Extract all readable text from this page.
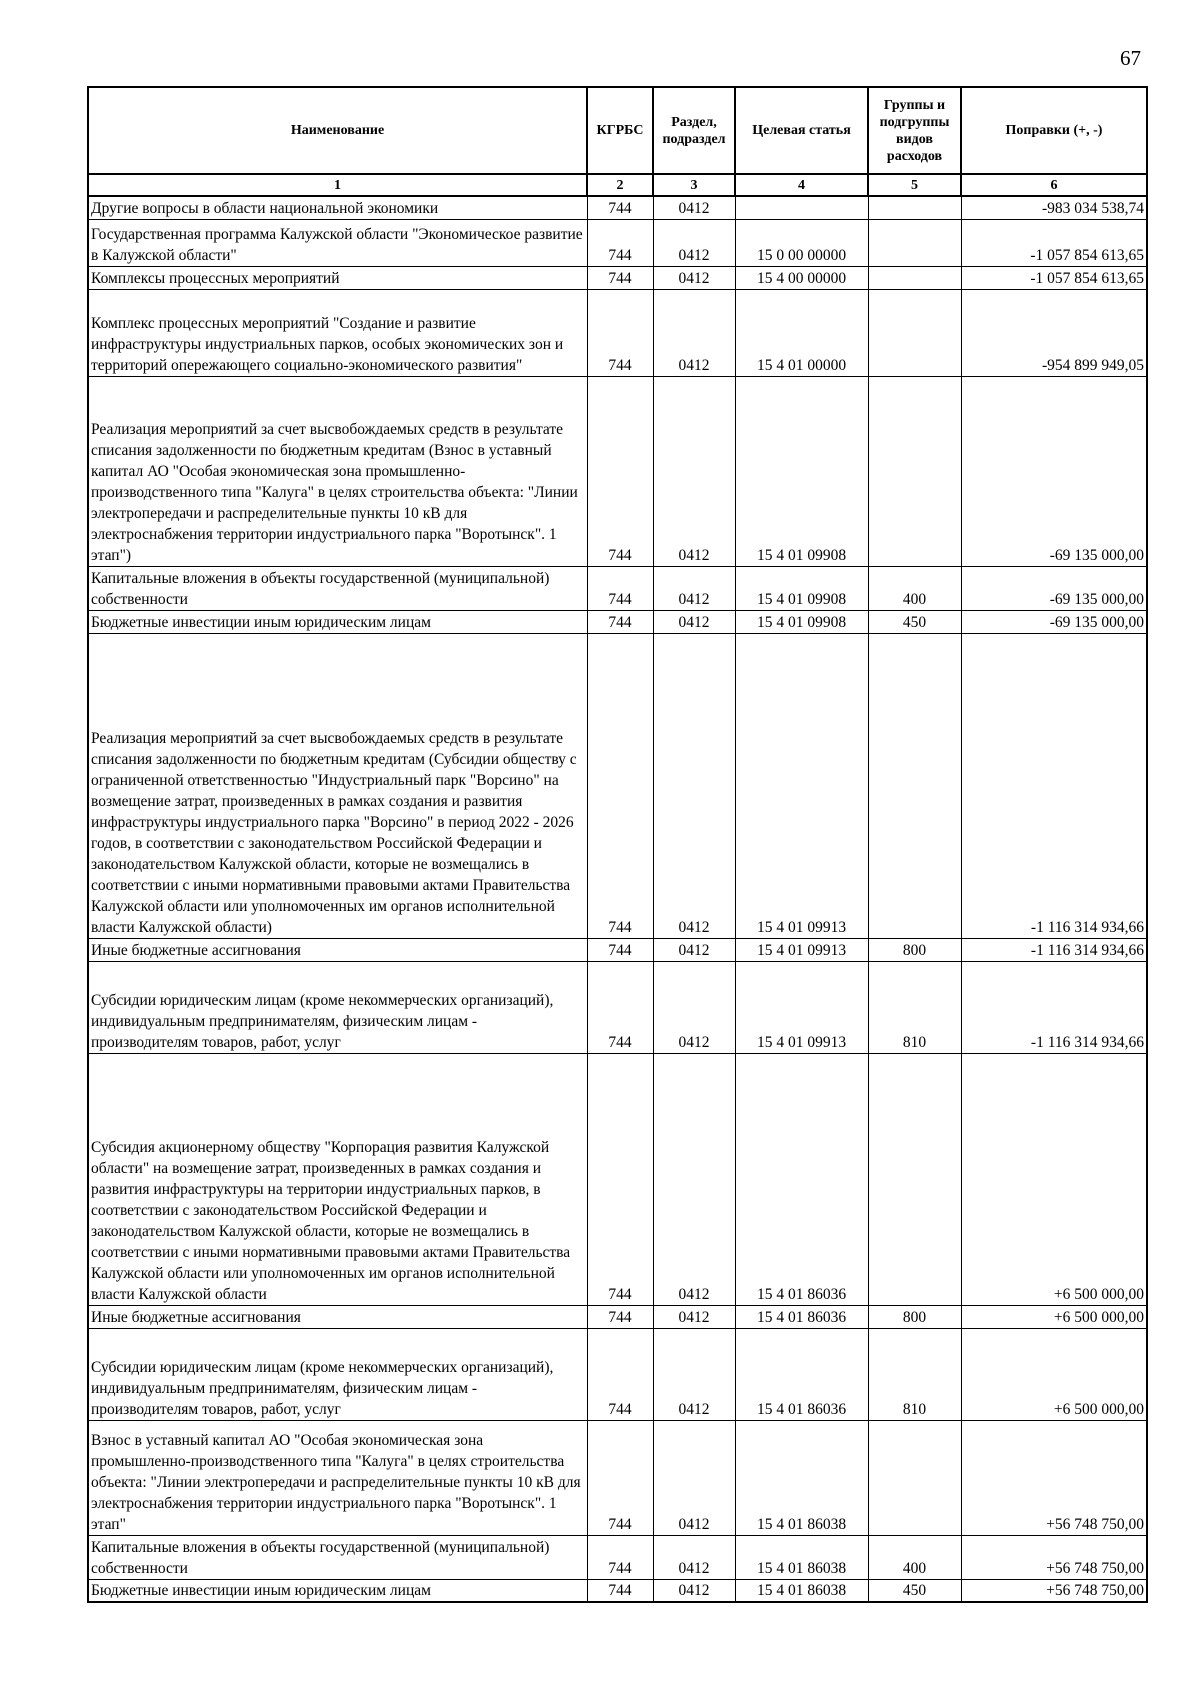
67
Наименование	КГРБС	Раздел, подраздел	Целевая статья	Группы и подгруппы видов расходов	Поправки (+, -)
1	2	3	4	5	6
Другие вопросы в области национальной экономики	744	0412			-983 034 538,74
Государственная программа Калужской области "Экономическое развитие в Калужской области"	744	0412	15 0 00 00000		-1 057 854 613,65
Комплексы процессных мероприятий	744	0412	15 4 00 00000		-1 057 854 613,65
Комплекс процессных мероприятий "Создание и развитие инфраструктуры индустриальных парков, особых экономических зон и территорий опережающего социально-экономического развития"	744	0412	15 4 01 00000		-954 899 949,05
Реализация мероприятий за счет высвобождаемых средств в результате списания задолженности по бюджетным кредитам (Взнос в уставный капитал АО "Особая экономическая зона промышленно-производственного типа "Калуга" в целях строительства объекта: "Линии электропередачи и распределительные пункты 10 кВ для электроснабжения территории индустриального парка "Воротынск". 1 этап")	744	0412	15 4 01 09908		-69 135 000,00
Капитальные вложения в объекты государственной (муниципальной) собственности	744	0412	15 4 01 09908	400	-69 135 000,00
Бюджетные инвестиции иным юридическим лицам	744	0412	15 4 01 09908	450	-69 135 000,00
Реализация мероприятий за счет высвобождаемых средств в результате списания задолженности по бюджетным кредитам (Субсидии обществу с ограниченной ответственностью "Индустриальный парк "Ворсино" на возмещение затрат, произведенных в рамках создания и развития инфраструктуры индустриального парка "Ворсино" в период 2022 - 2026 годов, в соответствии с законодательством Российской Федерации и законодательством Калужской области, которые не возмещались в соответствии с иными нормативными правовыми актами Правительства Калужской области или уполномоченных им органов исполнительной власти Калужской области)	744	0412	15 4 01 09913		-1 116 314 934,66
Иные бюджетные ассигнования	744	0412	15 4 01 09913	800	-1 116 314 934,66
Субсидии юридическим лицам (кроме некоммерческих организаций), индивидуальным предпринимателям, физическим лицам - производителям товаров, работ, услуг	744	0412	15 4 01 09913	810	-1 116 314 934,66
Субсидия акционерному обществу "Корпорация развития Калужской области" на возмещение затрат, произведенных в рамках создания и развития инфраструктуры на территории индустриальных парков, в соответствии с законодательством Российской Федерации и законодательством Калужской области, которые не возмещались в соответствии с иными нормативными правовыми актами Правительства Калужской области или уполномоченных им органов исполнительной власти Калужской области	744	0412	15 4 01 86036		+6 500 000,00
Иные бюджетные ассигнования	744	0412	15 4 01 86036	800	+6 500 000,00
Субсидии юридическим лицам (кроме некоммерческих организаций), индивидуальным предпринимателям, физическим лицам - производителям товаров, работ, услуг	744	0412	15 4 01 86036	810	+6 500 000,00
Взнос в уставный капитал АО "Особая экономическая зона промышленно-производственного типа "Калуга" в целях строительства объекта: "Линии электропередачи и распределительные пункты 10 кВ для электроснабжения территории индустриального парка "Воротынск". 1 этап"	744	0412	15 4 01 86038		+56 748 750,00
Капитальные вложения в объекты государственной (муниципальной) собственности	744	0412	15 4 01 86038	400	+56 748 750,00
Бюджетные инвестиции иным юридическим лицам	744	0412	15 4 01 86038	450	+56 748 750,00
